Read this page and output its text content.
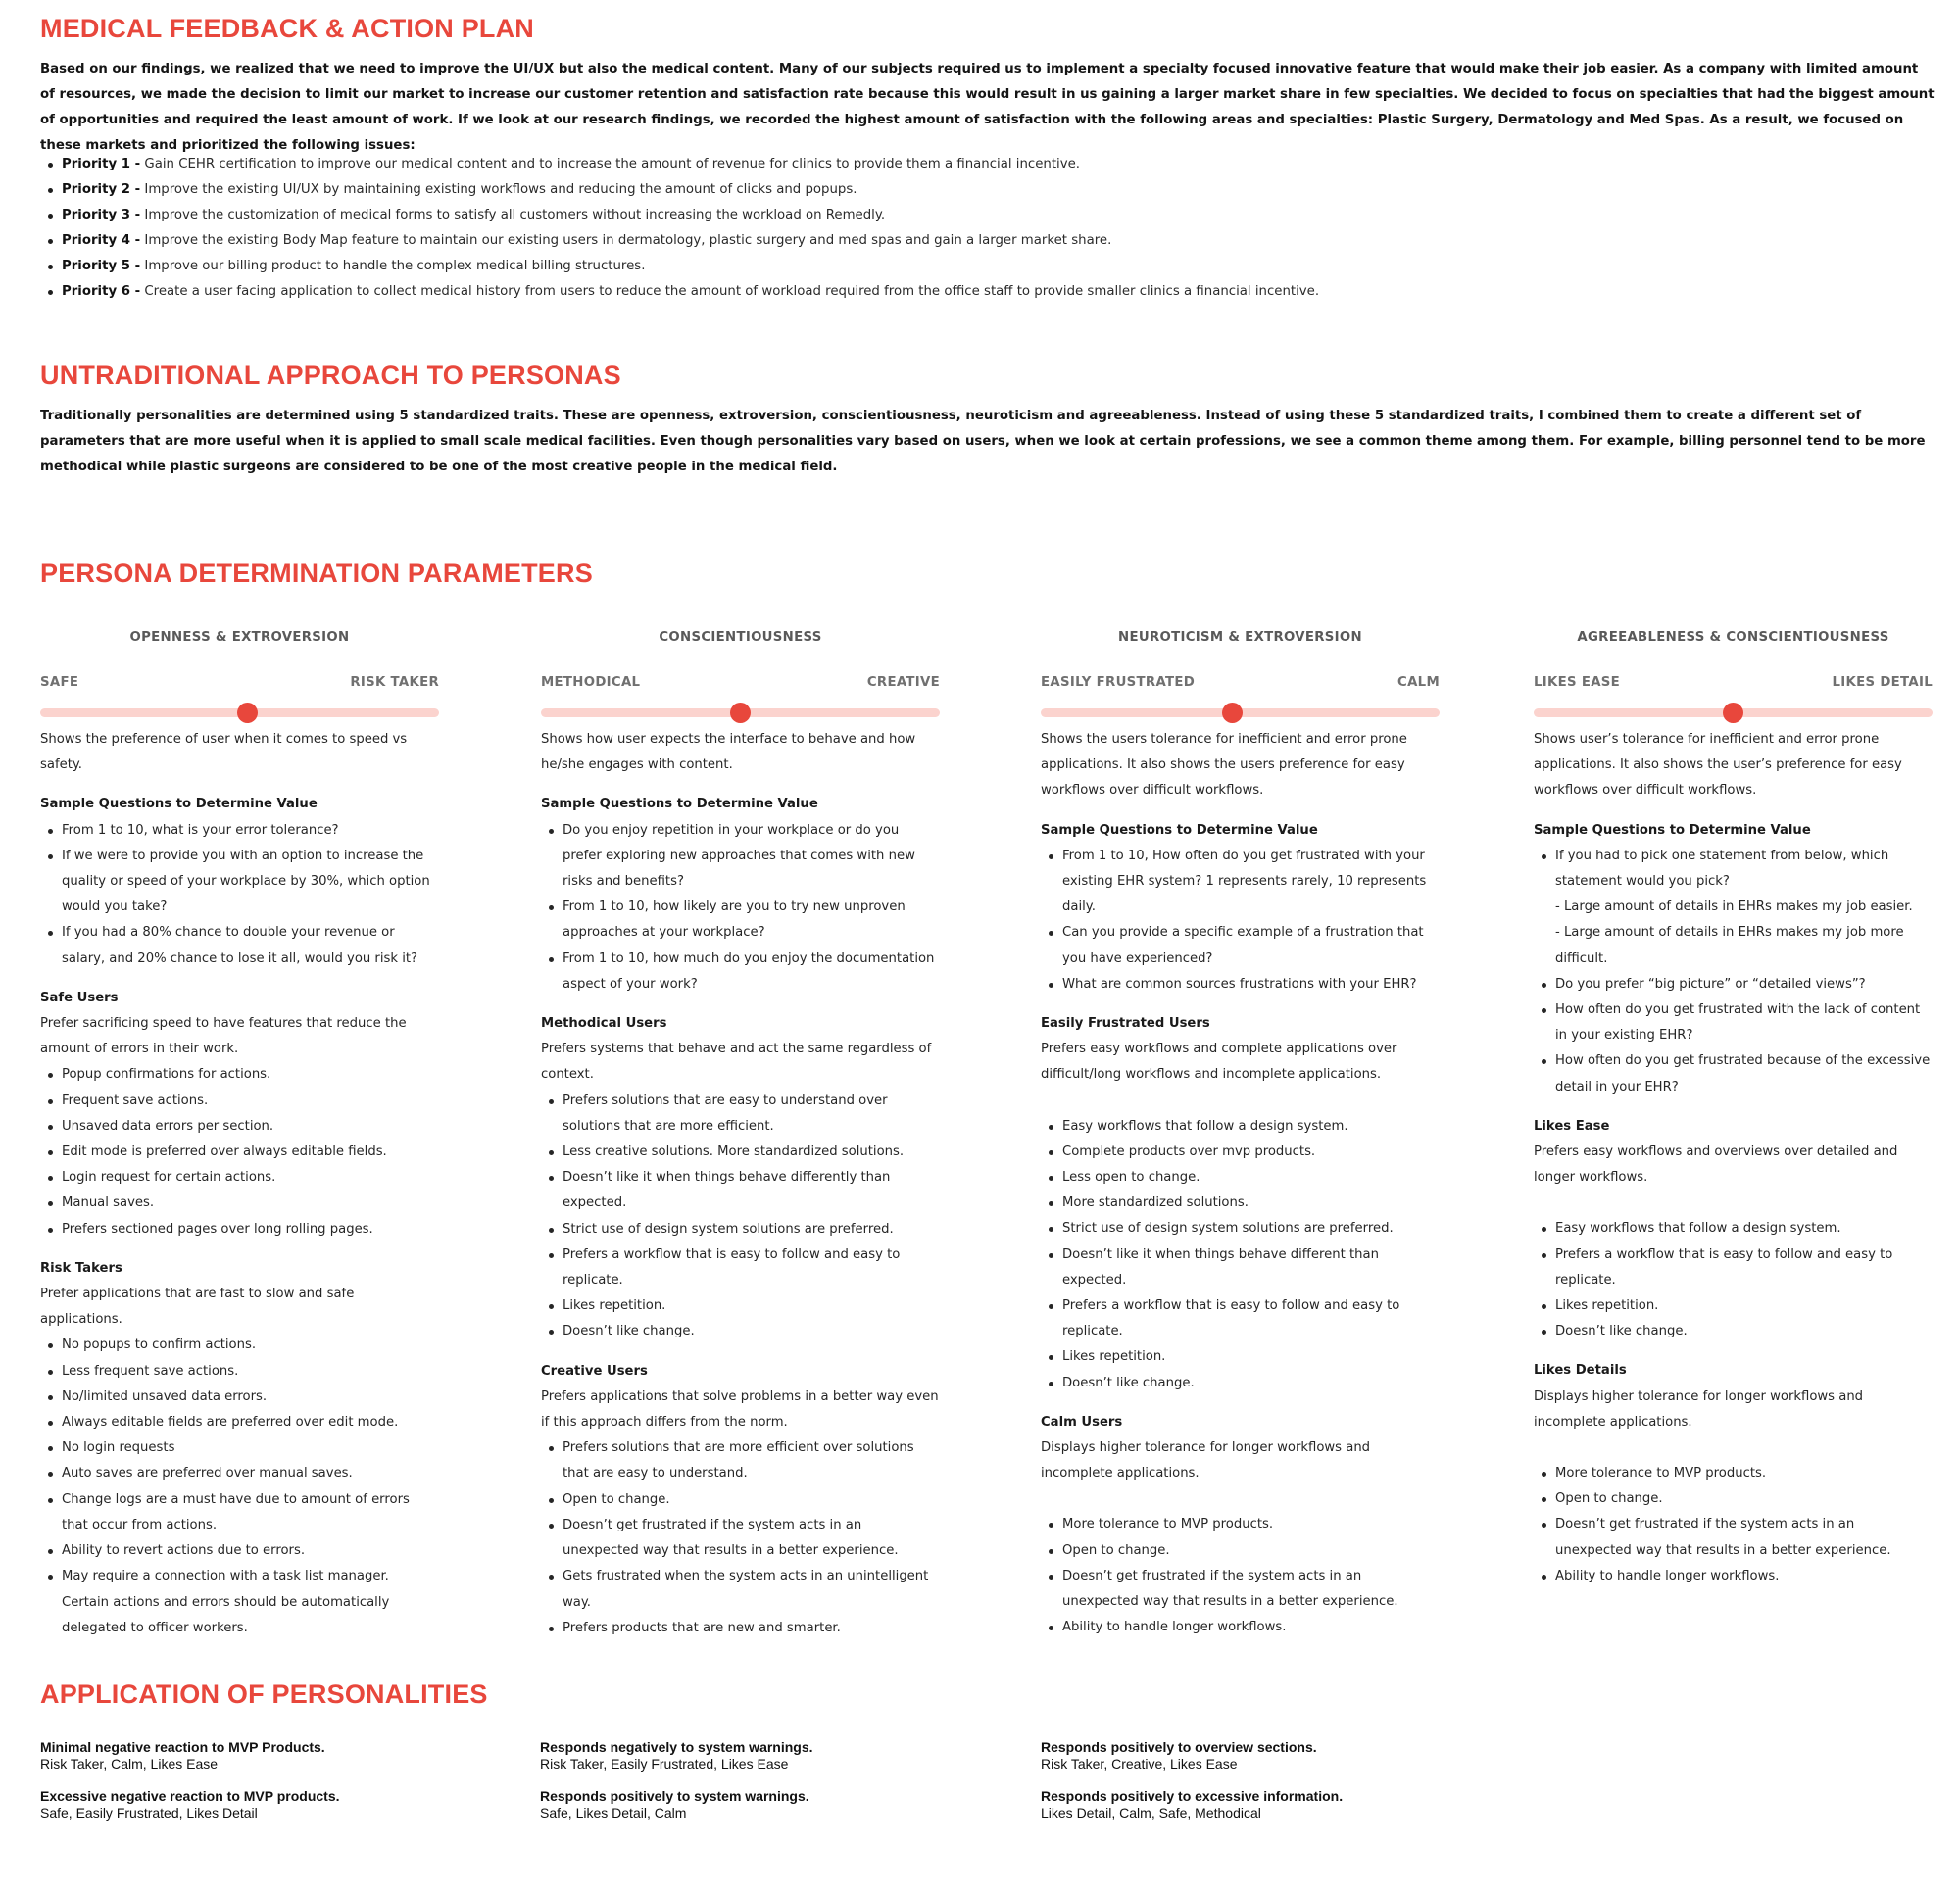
MEDICAL FEEDBACK & ACTION PLAN

Based on our findings, we realized that we need to improve the UI/UX but also the medical content. Many of our subjects required us to implement a specialty focused innovative feature that would make their job easier. As a company with limited amount of resources, we made the decision to limit our market to increase our customer retention and satisfaction rate because this would result in us gaining a larger market share in few specialties. We decided to focus on specialties that had the biggest amount of opportunities and required the least amount of work. If we look at our research findings, we recorded the highest amount of satisfaction with the following areas and specialties: Plastic Surgery, Dermatology and Med Spas. As a result, we focused on these markets and prioritized the following issues:

Priority 1 - Gain CEHR certification to improve our medical content and to increase the amount of revenue for clinics to provide them a financial incentive.
Priority 2 - Improve the existing UI/UX by maintaining existing workflows and reducing the amount of clicks and popups.
Priority 3 - Improve the customization of medical forms to satisfy all customers without increasing the workload on Remedly.
Priority 4 - Improve the existing Body Map feature to maintain our existing users in dermatology, plastic surgery and med spas and gain a larger market share.
Priority 5 - Improve our billing product to handle the complex medical billing structures.
Priority 6 - Create a user facing application to collect medical history from users to reduce the amount of workload required from the office staff to provide smaller clinics a financial incentive.
UNTRADITIONAL APPROACH TO PERSONAS

Traditionally personalities are determined using 5 standardized traits. These are openness, extroversion, conscientiousness, neuroticism and agreeableness. Instead of using these 5 standardized traits, I combined them to create a different set of parameters that are more useful when it is applied to small scale medical facilities. Even though personalities vary based on users, when we look at certain professions, we see a common theme among them. For example, billing personnel tend to be more methodical while plastic surgeons are considered to be one of the most creative people in the medical field.

PERSONA DETERMINATION PARAMETERS
OPENNESS & EXTROVERSION
SAFE	RISK TAKER
Shows the preference of user when it comes to speed vs safety.
Sample Questions to Determine Value
From 1 to 10, what is your error tolerance?
If we were to provide you with an option to increase the quality or speed of your workplace by 30%, which option would you take?
If you had a 80% chance to double your revenue or salary, and 20% chance to lose it all, would you risk it?
Safe Users
Prefer sacrificing speed to have features that reduce the amount of errors in their work.
Popup confirmations for actions.
Frequent save actions.
Unsaved data errors per section.
Edit mode is preferred over always editable fields.
Login request for certain actions.
Manual saves.
Prefers sectioned pages over long rolling pages.
Risk Takers
Prefer applications that are fast to slow and safe applications.
No popups to confirm actions.
Less frequent save actions.
No/limited unsaved data errors.
Always editable fields are preferred over edit mode.
No login requests
Auto saves are preferred over manual saves.
Change logs are a must have due to amount of errors that occur from actions.
Ability to revert actions due to errors.
May require a connection with a task list manager. Certain actions and errors should be automatically delegated to officer workers.
CONSCIENTIOUSNESS
METHODICAL	CREATIVE
Shows how user expects the interface to behave and how he/she engages with content.
Sample Questions to Determine Value
Do you enjoy repetition in your workplace or do you prefer exploring new approaches that comes with new risks and benefits?
From 1 to 10, how likely are you to try new unproven approaches at your workplace?
From 1 to 10, how much do you enjoy the documentation aspect of your work?
Methodical Users
Prefers systems that behave and act the same regardless of context.
Prefers solutions that are easy to understand over solutions that are more efficient.
Less creative solutions. More standardized solutions.
Doesn’t like it when things behave differently than expected.
Strict use of design system solutions are preferred.
Prefers a workflow that is easy to follow and easy to replicate.
Likes repetition.
Doesn’t like change.
Creative Users
Prefers applications that solve problems in a better way even if this approach differs from the norm.
Prefers solutions that are more efficient over solutions that are easy to understand.
Open to change.
Doesn’t get frustrated if the system acts in an unexpected way that results in a better experience.
Gets frustrated when the system acts in an unintelligent way.
Prefers products that are new and smarter.
NEUROTICISM & EXTROVERSION
EASILY FRUSTRATED	CALM
Shows the users tolerance for inefficient and error prone applications. It also shows the users preference for easy workflows over difficult workflows.
Sample Questions to Determine Value
From 1 to 10, How often do you get frustrated with your existing EHR system? 1 represents rarely, 10 represents daily.
Can you provide a specific example of a frustration that you have experienced?
What are common sources frustrations with your EHR?
Easily Frustrated Users
Prefers easy workflows and complete applications over difficult/long workflows and incomplete applications.
Easy workflows that follow a design system.
Complete products over mvp products.
Less open to change.
More standardized solutions.
Strict use of design system solutions are preferred.
Doesn’t like it when things behave different than expected.
Prefers a workflow that is easy to follow and easy to replicate.
Likes repetition.
Doesn’t like change.
Calm Users
Displays higher tolerance for longer workflows and incomplete applications.
More tolerance to MVP products.
Open to change.
Doesn’t get frustrated if the system acts in an unexpected way that results in a better experience.
Ability to handle longer workflows.
AGREEABLENESS & CONSCIENTIOUSNESS
LIKES EASE	LIKES DETAIL
Shows user’s tolerance for inefficient and error prone applications. It also shows the user’s preference for easy workflows over difficult workflows.
Sample Questions to Determine Value
If you had to pick one statement from below, which statement would you pick?
- Large amount of details in EHRs makes my job easier.
- Large amount of details in EHRs makes my job more difficult.
Do you prefer “big picture” or “detailed views”?
How often do you get frustrated with the lack of content in your existing EHR?
How often do you get frustrated because of the excessive detail in your EHR?
Likes Ease
Prefers easy workflows and overviews over detailed and longer workflows.
Easy workflows that follow a design system.
Prefers a workflow that is easy to follow and easy to replicate.
Likes repetition.
Doesn’t like change.
Likes Details
Displays higher tolerance for longer workflows and incomplete applications.
More tolerance to MVP products.
Open to change.
Doesn’t get frustrated if the system acts in an unexpected way that results in a better experience.
Ability to handle longer workflows.
APPLICATION OF PERSONALITIES
Minimal negative reaction to MVP Products.
Risk Taker, Calm, Likes Ease
Excessive negative reaction to MVP products.
Safe, Easily Frustrated, Likes Detail
Responds negatively to system warnings.
Risk Taker, Easily Frustrated, Likes Ease
Responds positively to system warnings.
Safe, Likes Detail, Calm
Responds positively to overview sections.
Risk Taker, Creative, Likes Ease
Responds positively to excessive information.
Likes Detail, Calm, Safe, Methodical
